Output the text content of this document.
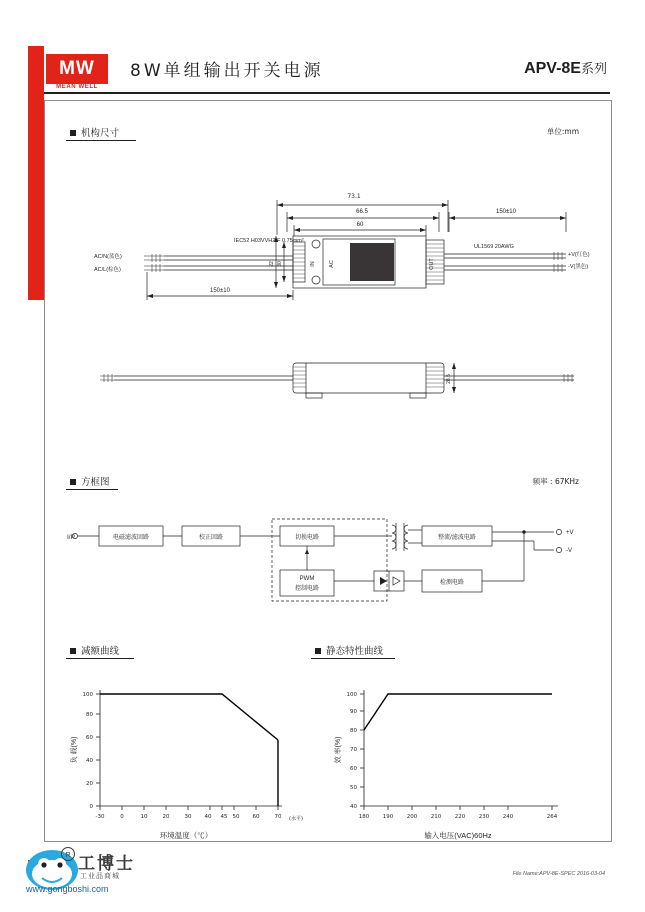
MW
MEAN WELL
8W单组输出开关电源	APV-8E系列
机构尺寸	单位:mm
73.1
66.5
60
150±10
150±10
30
22	IN AC	DC OUT
IEC52 H03VVH2-F 0.75mm²
UL1569 20AWG
AC/N(蓝色)
AC/L(棕色)
+V(红色)
-V(黑色)
28.5
方框图	频率 : 67KHz
I/P	电磁滤波回路	校正回路	切换电路	整流/滤波电路
PWM
控制电路
检测电路
+V
-V
减额曲线	静态特性曲线
0
20
40
60
80
100
-30	0	10	20	30 40 45 50 60	70 (水平)
负 载(%)
环境温度（℃）
40
50
60
70
80
90
100
180 190 200 210 220 230 240	264
效 率(%)
输入电压(VAC)60Hz
工博士
工业品商城
www.gongboshi.com
File Name:APV-8E-SPEC 2016-03-04
R
